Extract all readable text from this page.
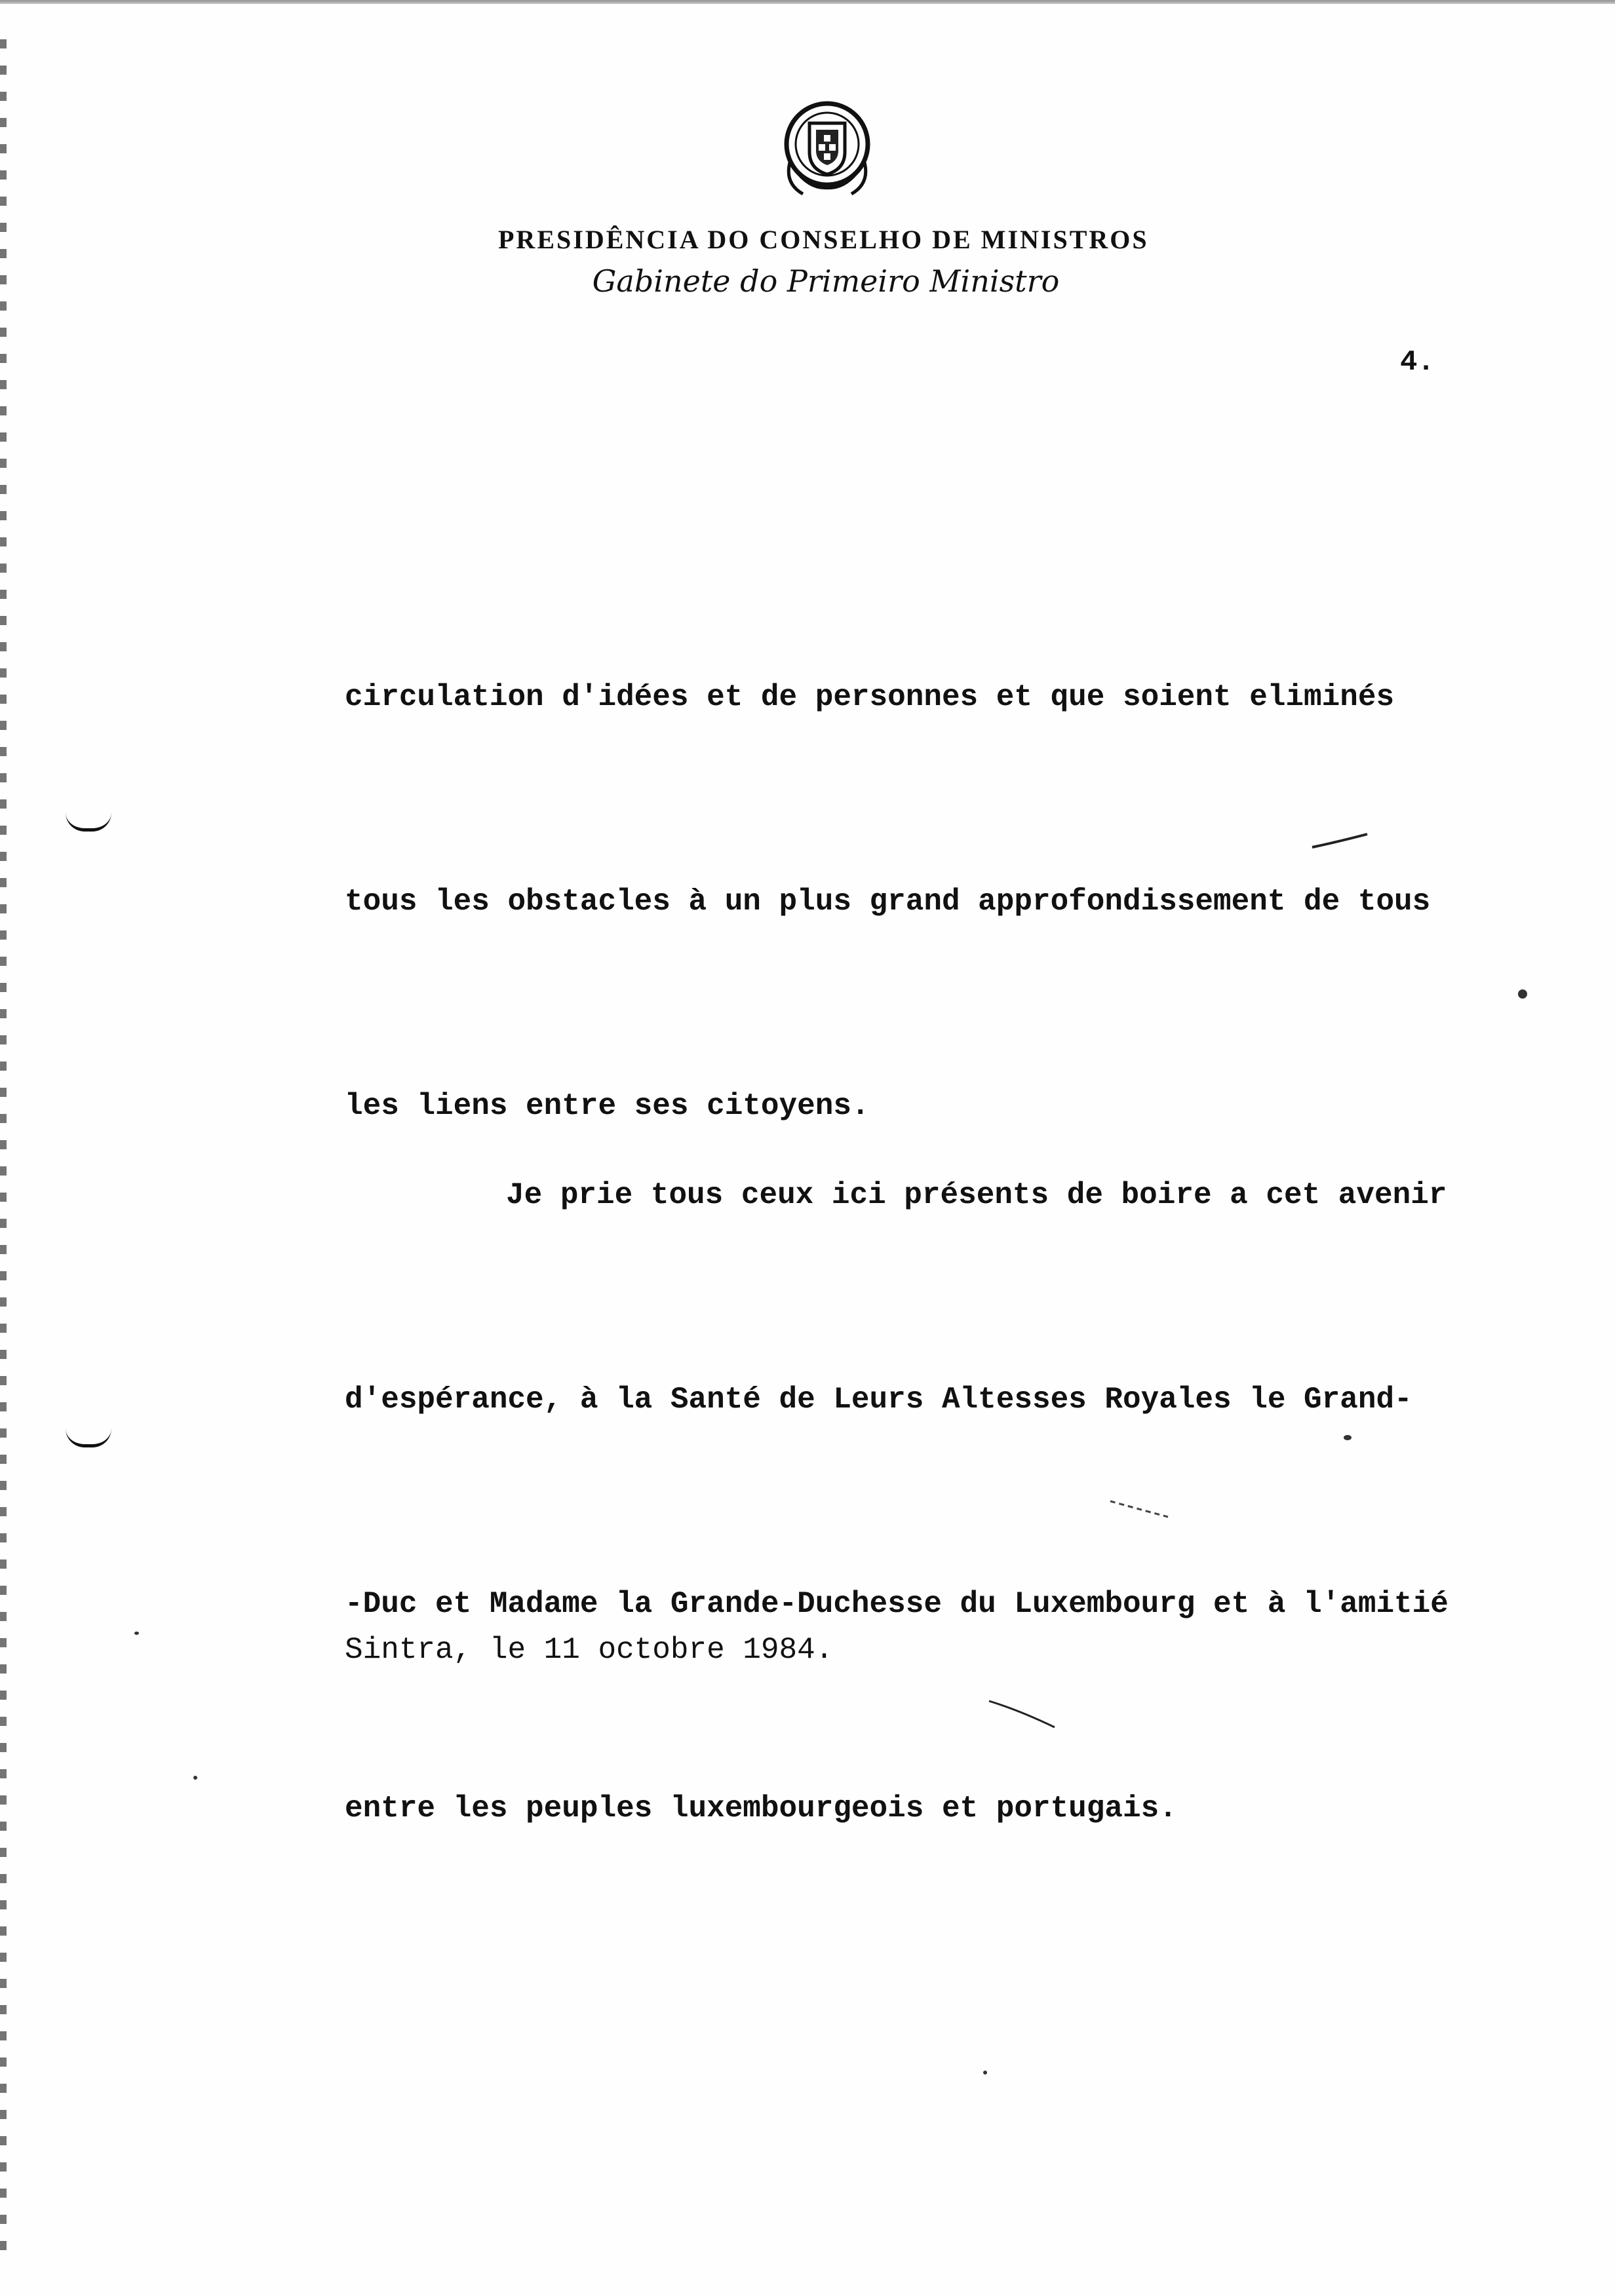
PRESIDÊNCIA DO CONSELHO DE MINISTROS
Gabinete do Primeiro Ministro
4.

circulation d'idées et de personnes et que soient eliminés

tous les obstacles à un plus grand approfondissement de tous

les liens entre ses citoyens.

Je prie tous ceux ici présents de boire a cet avenir

d'espérance, à la Santé de Leurs Altesses Royales le Grand-

-Duc et Madame la Grande-Duchesse du Luxembourg et à l'amitié

entre les peuples luxembourgeois et portugais.

Sintra, le 11 octobre 1984.
